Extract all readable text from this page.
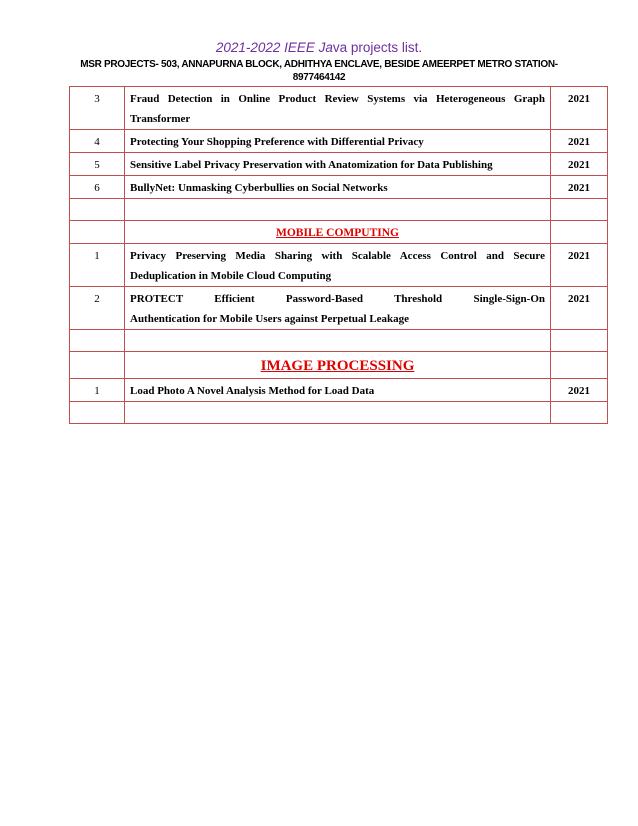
2021-2022 IEEE Java projects list.
MSR PROJECTS- 503, ANNAPURNA BLOCK, ADHITHYA ENCLAVE, BESIDE AMEERPET METRO STATION- 8977464142
3	Fraud Detection in Online Product Review Systems via Heterogeneous Graph Transformer	2021
4	Protecting Your Shopping Preference with Differential Privacy	2021
5	Sensitive Label Privacy Preservation with Anatomization for Data Publishing	2021
6	BullyNet: Unmasking Cyberbullies on Social Networks	2021

	MOBILE COMPUTING	
1	Privacy Preserving Media Sharing with Scalable Access Control and Secure Deduplication in Mobile Cloud Computing	2021
2	PROTECT Efficient Password-Based Threshold Single-Sign-On
Authentication for Mobile Users against Perpetual Leakage	2021

	IMAGE PROCESSING	
1	Load Photo A Novel Analysis Method for Load Data	2021
